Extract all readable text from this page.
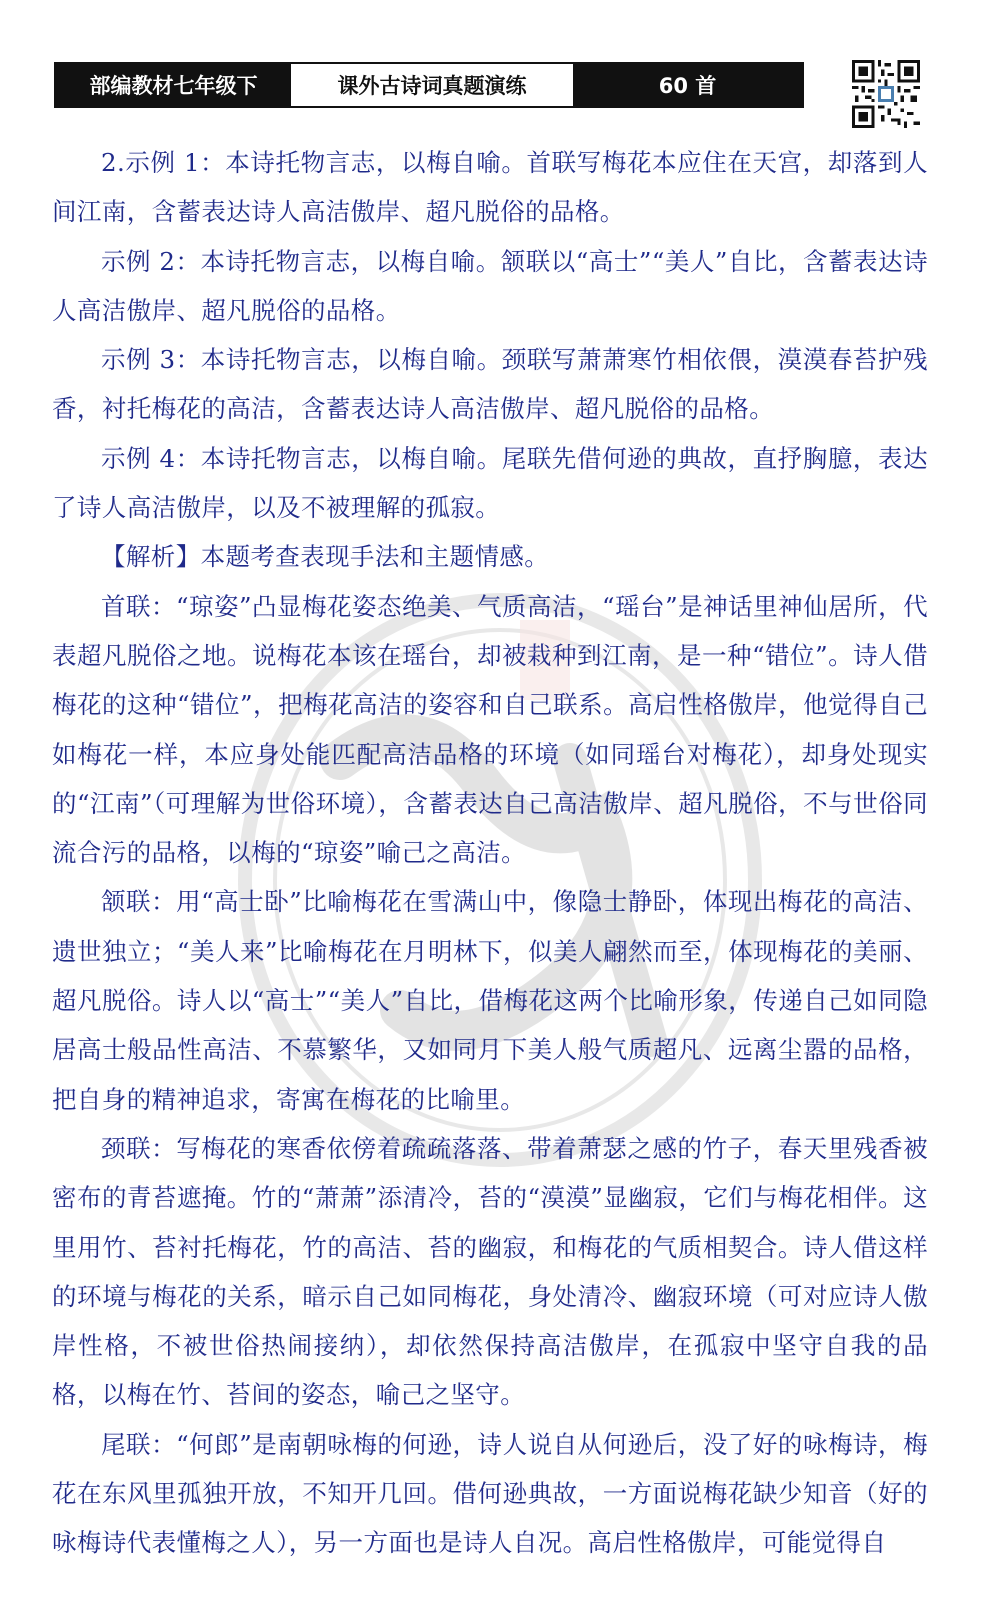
部编教材七年级下	课外古诗词真题演练	60 首

2.示例 1：本诗托物言志，以梅自喻。首联写梅花本应住在天宫，却落到人间江南，含蓄表达诗人高洁傲岸、超凡脱俗的品格。

示例 2：本诗托物言志，以梅自喻。颔联以“高士”“美人”自比，含蓄表达诗人高洁傲岸、超凡脱俗的品格。

示例 3：本诗托物言志，以梅自喻。颈联写萧萧寒竹相依偎，漠漠春苔护残香，衬托梅花的高洁，含蓄表达诗人高洁傲岸、超凡脱俗的品格。

示例 4：本诗托物言志，以梅自喻。尾联先借何逊的典故，直抒胸臆，表达了诗人高洁傲岸，以及不被理解的孤寂。

【解析】本题考查表现手法和主题情感。

首联：“琼姿”凸显梅花姿态绝美、气质高洁，“瑶台”是神话里神仙居所，代表超凡脱俗之地。说梅花本该在瑶台，却被栽种到江南，是一种“错位”。诗人借梅花的这种“错位”，把梅花高洁的姿容和自己联系。高启性格傲岸，他觉得自己如梅花一样，本应身处能匹配高洁品格的环境（如同瑶台对梅花），却身处现实的“江南”（可理解为世俗环境），含蓄表达自己高洁傲岸、超凡脱俗，不与世俗同流合污的品格，以梅的“琼姿”喻己之高洁。

颔联：用“高士卧”比喻梅花在雪满山中，像隐士静卧，体现出梅花的高洁、遗世独立；“美人来”比喻梅花在月明林下，似美人翩然而至，体现梅花的美丽、超凡脱俗。诗人以“高士”“美人”自比，借梅花这两个比喻形象，传递自己如同隐居高士般品性高洁、不慕繁华，又如同月下美人般气质超凡、远离尘嚣的品格，把自身的精神追求，寄寓在梅花的比喻里。

颈联：写梅花的寒香依傍着疏疏落落、带着萧瑟之感的竹子，春天里残香被密布的青苔遮掩。竹的“萧萧”添清冷，苔的“漠漠”显幽寂，它们与梅花相伴。这里用竹、苔衬托梅花，竹的高洁、苔的幽寂，和梅花的气质相契合。诗人借这样的环境与梅花的关系，暗示自己如同梅花，身处清冷、幽寂环境（可对应诗人傲岸性格，不被世俗热闹接纳），却依然保持高洁傲岸，在孤寂中坚守自我的品格，以梅在竹、苔间的姿态，喻己之坚守。

尾联：“何郎”是南朝咏梅的何逊，诗人说自从何逊后，没了好的咏梅诗，梅花在东风里孤独开放，不知开几回。借何逊典故，一方面说梅花缺少知音（好的咏梅诗代表懂梅之人），另一方面也是诗人自况。高启性格傲岸，可能觉得自
